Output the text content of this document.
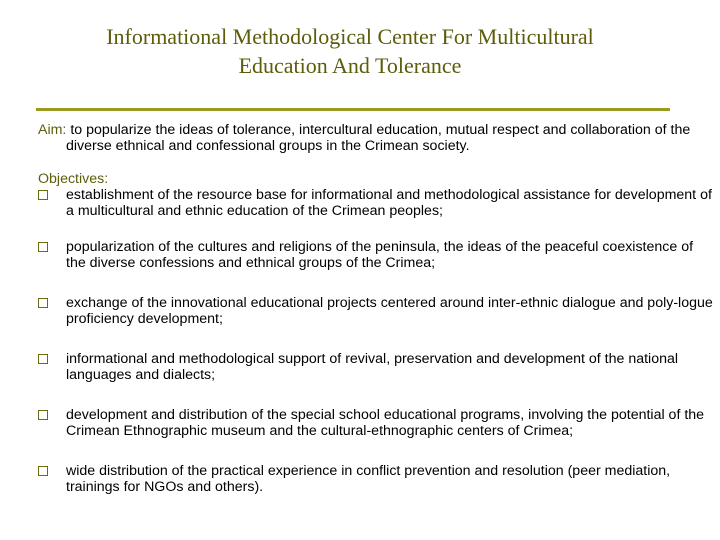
Informational Methodological Center For Multicultural
Education And Tolerance

Aim: to popularize the ideas of tolerance, intercultural education, mutual respect and collaboration of the diverse ethnical and confessional groups in the Crimean society.

Objectives:
establishment of the resource base for informational and methodological assistance for development of a multicultural and ethnic education of the Crimean peoples;
popularization of the cultures and religions of the peninsula, the ideas of the peaceful coexistence of the diverse confessions and ethnical groups of the Crimea;
exchange of the innovational educational projects centered around inter-ethnic dialogue and poly-logue proficiency development;
informational and methodological support of revival, preservation and development of the national languages and dialects;
development and distribution of the special school educational programs, involving the potential of the Crimean Ethnographic museum and the cultural-ethnographic centers of Crimea;
wide distribution of the practical experience in conflict prevention and resolution (peer mediation, trainings for NGOs and others).
